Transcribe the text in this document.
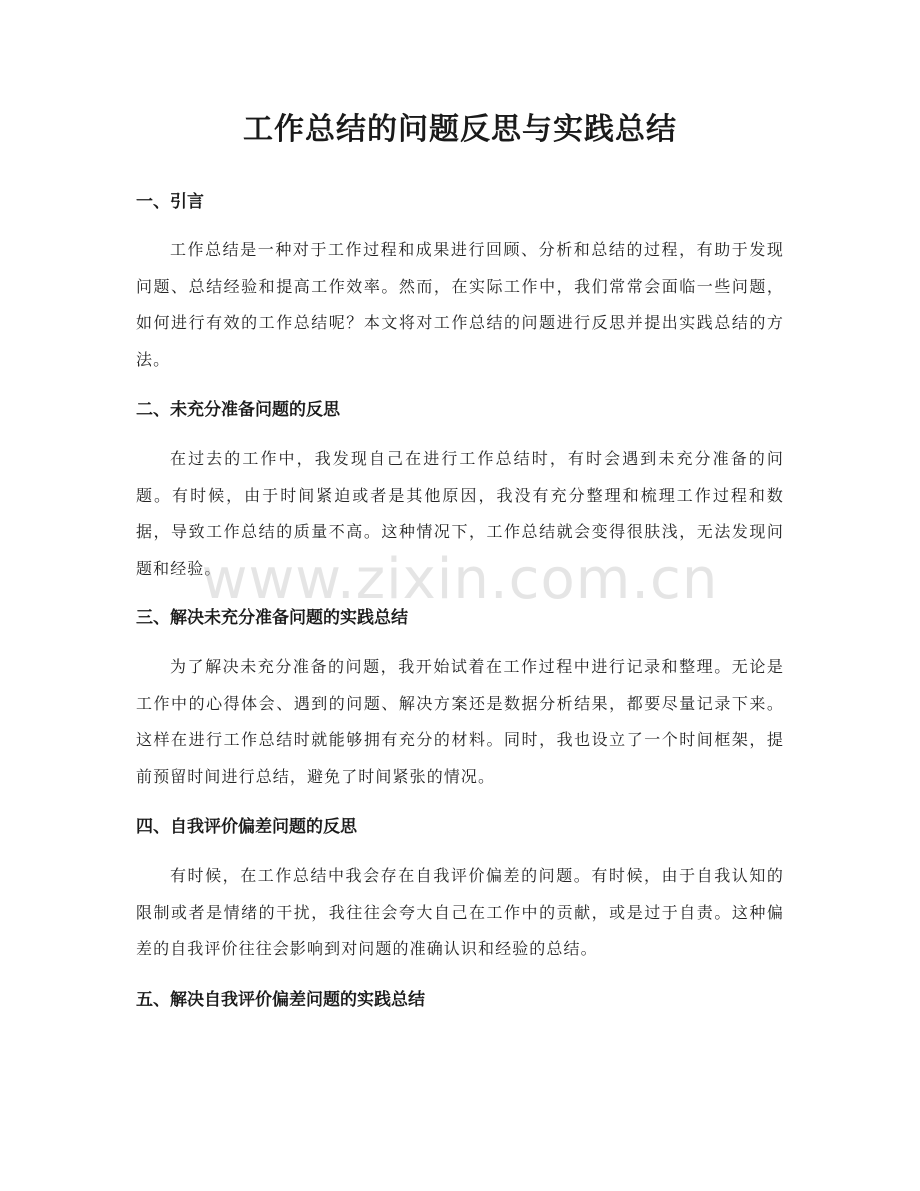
工作总结的问题反思与实践总结
一、引言

工作总结是一种对于工作过程和成果进行回顾、分析和总结的过程，有助于发现问题、总结经验和提高工作效率。然而，在实际工作中，我们常常会面临一些问题，如何进行有效的工作总结呢？本文将对工作总结的问题进行反思并提出实践总结的方法。

二、未充分准备问题的反思

在过去的工作中，我发现自己在进行工作总结时，有时会遇到未充分准备的问题。有时候，由于时间紧迫或者是其他原因，我没有充分整理和梳理工作过程和数据，导致工作总结的质量不高。这种情况下，工作总结就会变得很肤浅，无法发现问题和经验。

三、解决未充分准备问题的实践总结

为了解决未充分准备的问题，我开始试着在工作过程中进行记录和整理。无论是工作中的心得体会、遇到的问题、解决方案还是数据分析结果，都要尽量记录下来。这样在进行工作总结时就能够拥有充分的材料。同时，我也设立了一个时间框架，提前预留时间进行总结，避免了时间紧张的情况。

四、自我评价偏差问题的反思

有时候，在工作总结中我会存在自我评价偏差的问题。有时候，由于自我认知的限制或者是情绪的干扰，我往往会夸大自己在工作中的贡献，或是过于自责。这种偏差的自我评价往往会影响到对问题的准确认识和经验的总结。

五、解决自我评价偏差问题的实践总结
www.zixin.com.cn
